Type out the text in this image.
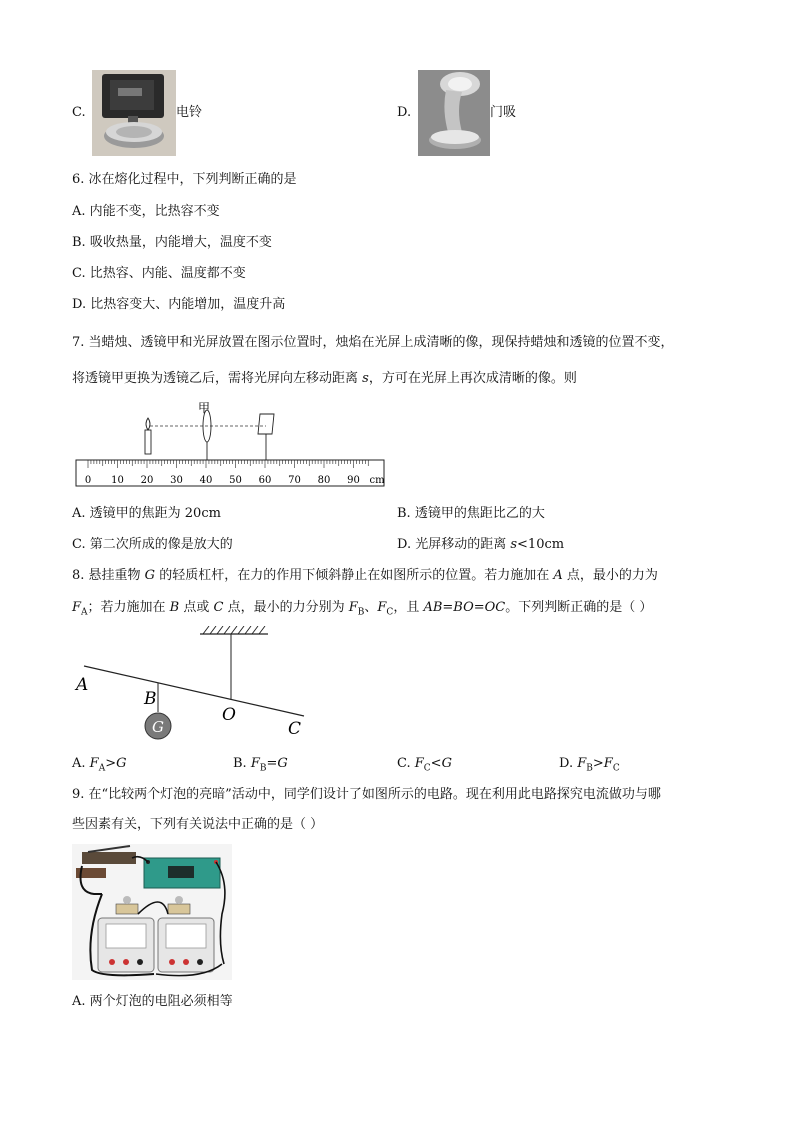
C.	电铃	D.	门吸
6. 冰在熔化过程中，下列判断正确的是
A. 内能不变，比热容不变
B. 吸收热量，内能增大，温度不变
C. 比热容、内能、温度都不变
D. 比热容变大、内能增加，温度升高
7. 当蜡烛、透镜甲和光屏放置在图示位置时，烛焰在光屏上成清晰的像，现保持蜡烛和透镜的位置不变，
将透镜甲更换为透镜乙后，需将光屏向左移动距离 s，方可在光屏上再次成清晰的像。则
甲
0 10 20 30 40 50 60 70 80 90 cm
A. 透镜甲的焦距为 20cm	B. 透镜甲的焦距比乙的大
C. 第二次所成的像是放大的	D. 光屏移动的距离 s<10cm
8. 悬挂重物 G 的轻质杠杆，在力的作用下倾斜静止在如图所示的位置。若力施加在 A 点，最小的力为
$F_A$；若力施加在 B 点或 C 点，最小的力分别为 $F_B$、$F_C$，且 AB=BO=OC。下列判断正确的是（ ）
G
A
B
O
C
A. $F_A>G$	B. $F_B=G$	C. $F_C<G$	D. $F_B>F_C$
9. 在“比较两个灯泡的亮暗”活动中，同学们设计了如图所示的电路。现在利用此电路探究电流做功与哪
些因素有关，下列有关说法中正确的是（ ）
A. 两个灯泡的电阻必须相等
